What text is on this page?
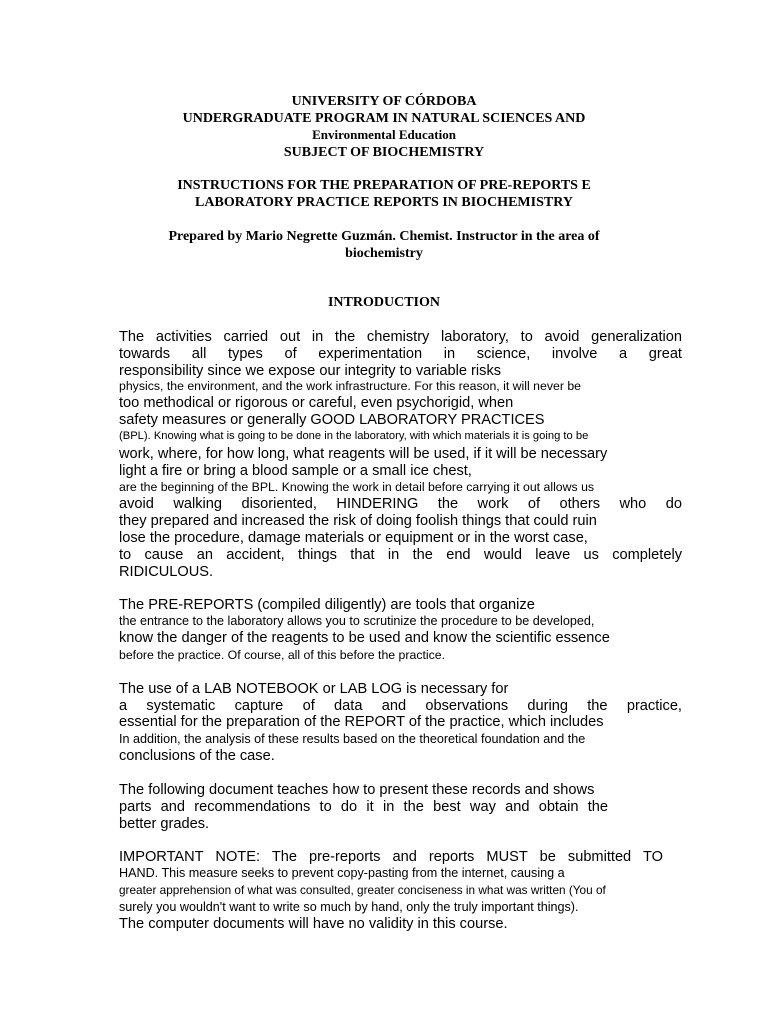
UNIVERSITY OF CÓRDOBA
UNDERGRADUATE PROGRAM IN NATURAL SCIENCES AND
Environmental Education
SUBJECT OF BIOCHEMISTRY
INSTRUCTIONS FOR THE PREPARATION OF PRE-REPORTS E
LABORATORY PRACTICE REPORTS IN BIOCHEMISTRY
Prepared by Mario Negrette Guzmán. Chemist. Instructor in the area of
biochemistry
INTRODUCTION
The activities carried out in the chemistry laboratory, to avoid generalization
towards all types of experimentation in science, involve a great
responsibility since we expose our integrity to variable risks
physics, the environment, and the work infrastructure. For this reason, it will never be
too methodical or rigorous or careful, even psychorigid, when
safety measures or generally GOOD LABORATORY PRACTICES
(BPL). Knowing what is going to be done in the laboratory, with which materials it is going to be
work, where, for how long, what reagents will be used, if it will be necessary
light a fire or bring a blood sample or a small ice chest,
are the beginning of the BPL. Knowing the work in detail before carrying it out allows us
avoid walking disoriented, HINDERING the work of others who do
they prepared and increased the risk of doing foolish things that could ruin
lose the procedure, damage materials or equipment or in the worst case,
to cause an accident, things that in the end would leave us completely
RIDICULOUS.
The PRE-REPORTS (compiled diligently) are tools that organize
the entrance to the laboratory allows you to scrutinize the procedure to be developed,
know the danger of the reagents to be used and know the scientific essence
before the practice. Of course, all of this before the practice.
The use of a LAB NOTEBOOK or LAB LOG is necessary for
a systematic capture of data and observations during the practice,
essential for the preparation of the REPORT of the practice, which includes
In addition, the analysis of these results based on the theoretical foundation and the
conclusions of the case.
The following document teaches how to present these records and shows
parts and recommendations to do it in the best way and obtain the
better grades.
IMPORTANT NOTE: The pre-reports and reports MUST be submitted TO
HAND. This measure seeks to prevent copy-pasting from the internet, causing a
greater apprehension of what was consulted, greater conciseness in what was written (You of
surely you wouldn't want to write so much by hand, only the truly important things).
The computer documents will have no validity in this course.
